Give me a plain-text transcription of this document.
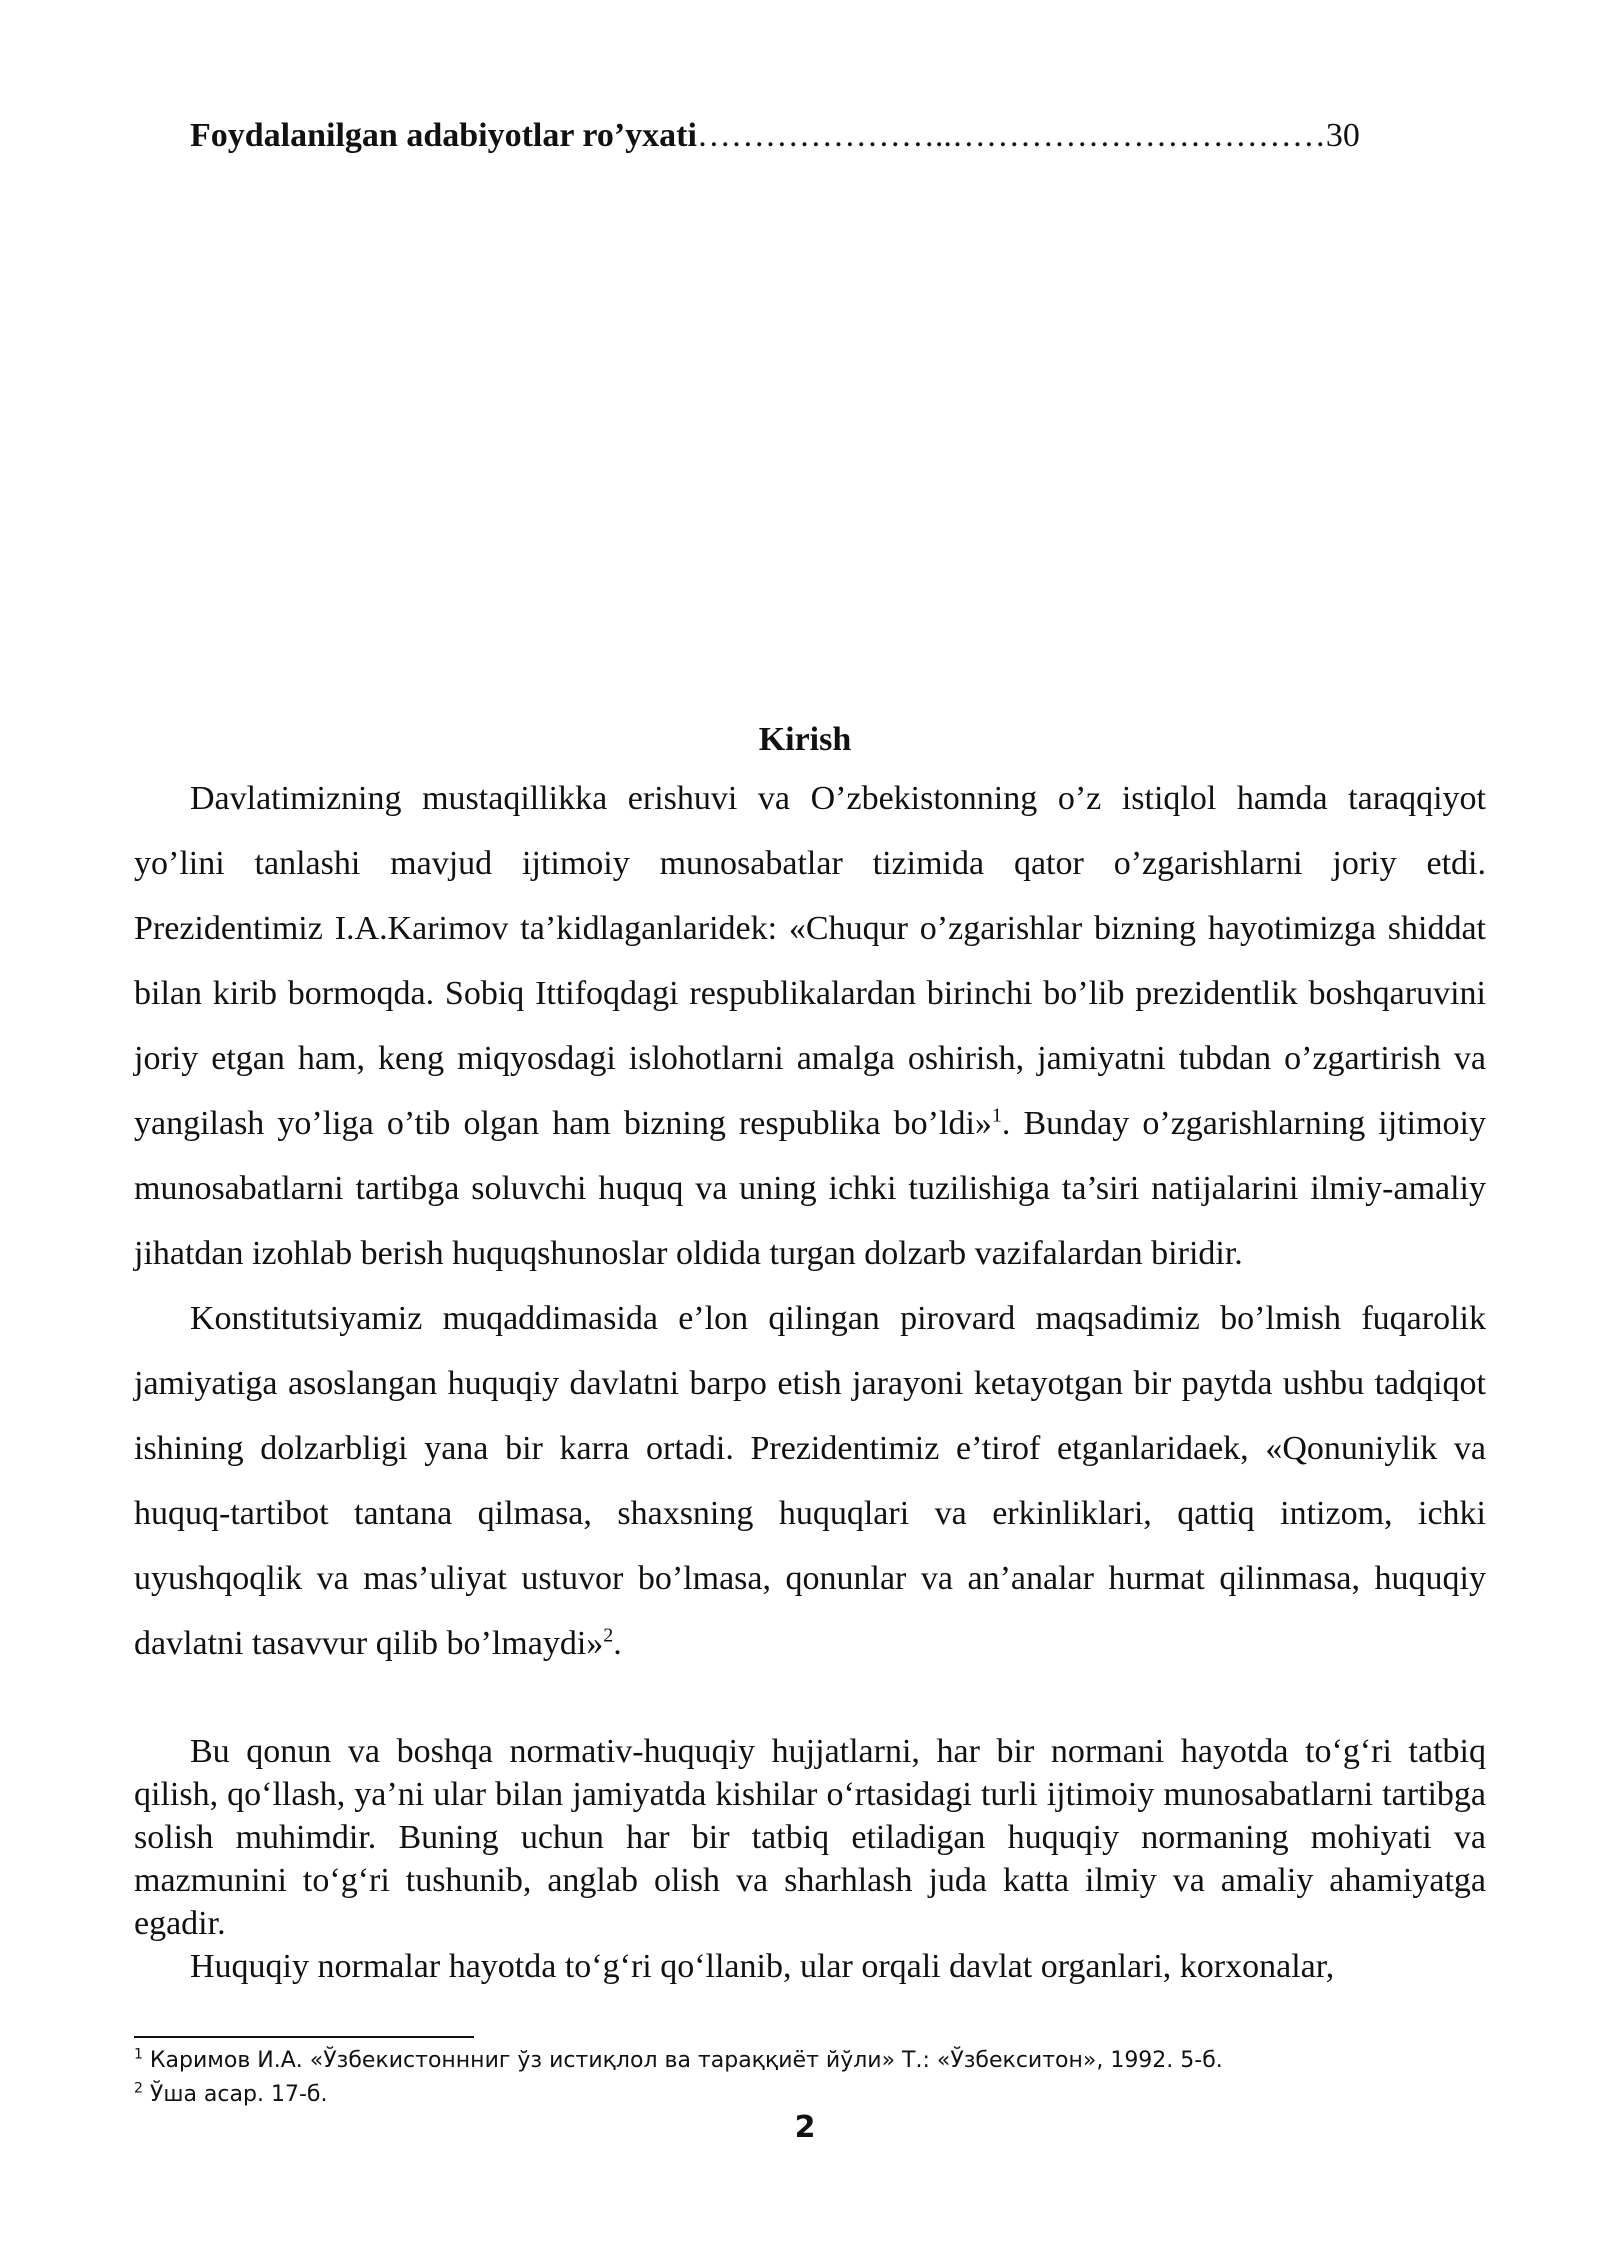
Foydalanilgan adabiyotlar ro’yxati…………………..……………………………30
Kirish

Davlatimizning mustaqillikka erishuvi va O’zbekistonning o’z istiqlol hamda taraqqiyot yo’lini tanlashi mavjud ijtimoiy munosabatlar tizimida qator o’zgarishlarni joriy etdi. Prezidentimiz I.A.Karimov ta’kidlaganlaridek: «Chuqur o’zgarishlar bizning hayotimizga shiddat bilan kirib bormoqda. Sobiq Ittifoqdagi respublikalardan birinchi bo’lib prezidentlik boshqaruvini joriy etgan ham, keng miqyosdagi islohotlarni amalga oshirish, jamiyatni tubdan o’zgartirish va yangilash yo’liga o’tib olgan ham bizning respublika bo’ldi»$^1$. Bunday o’zgarishlarning ijtimoiy munosabatlarni tartibga soluvchi huquq va uning ichki tuzilishiga ta’siri natijalarini ilmiy-amaliy jihatdan izohlab berish huquqshunoslar oldida turgan dolzarb vazifalardan biridir.

Konstitutsiyamiz muqaddimasida e’lon qilingan pirovard maqsadimiz bo’lmish fuqarolik jamiyatiga asoslangan huquqiy davlatni barpo etish jarayoni ketayotgan bir paytda ushbu tadqiqot ishining dolzarbligi yana bir karra ortadi. Prezidentimiz e’tirof etganlaridaek, «Qonuniylik va huquq-tartibot tantana qilmasa, shaxsning huquqlari va erkinliklari, qattiq intizom, ichki uyushqoqlik va mas’uliyat ustuvor bo’lmasa, qonunlar va an’analar hurmat qilinmasa, huquqiy davlatni tasavvur qilib bo’lmaydi»$^2$.

Bu qonun va boshqa normativ-huquqiy hujjatlarni, har bir normani hayotda to‘g‘ri tatbiq qilish, qo‘llash, ya’ni ular bilan jamiyatda kishilar o‘rtasidagi turli ijtimoiy munosabatlarni tartibga solish muhimdir. Buning uchun har bir tatbiq etiladigan huquqiy normaning mohiyati va mazmunini to‘g‘ri tushunib, anglab olish va sharhlash juda katta ilmiy va amaliy ahamiyatga egadir.

Huquqiy normalar hayotda to‘g‘ri qo‘llanib, ular orqali davlat organlari, korxonalar,

$^1$ Каримов И.А. «Ўзбекистоннниг ўз истиқлол ва тараққиёт йўли» Т.: «Ўзбекситон», 1992. 5-б.
$^2$ Ўша асар. 17-б.
2
